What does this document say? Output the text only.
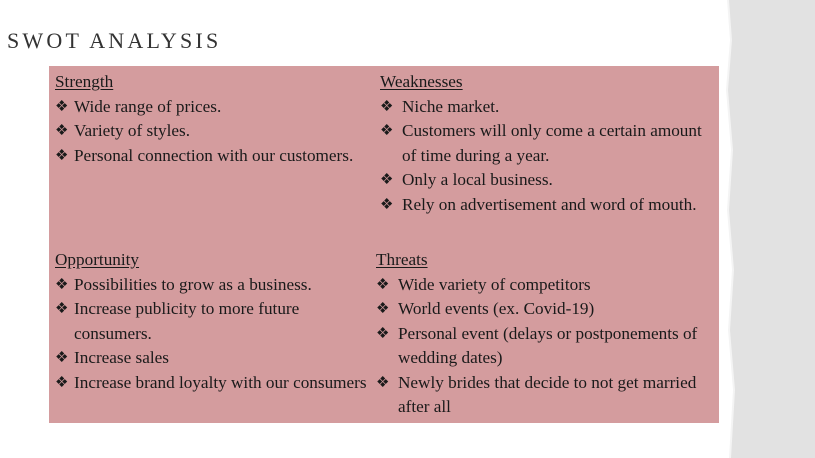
SWOT ANALYSIS
Strength
❖ Wide range of prices.
❖ Variety of styles.
❖ Personal connection with our customers.
Weaknesses
❖ Niche market.
❖ Customers will only come a certain amount of time during a year.
❖ Only a local business.
❖ Rely on advertisement and word of mouth.
Opportunity
❖ Possibilities to grow as a business.
❖ Increase publicity to more future consumers.
❖ Increase sales
❖ Increase brand loyalty with our consumers
Threats
❖ Wide variety of competitors
❖ World events (ex. Covid-19)
❖ Personal event (delays or postponements of wedding dates)
❖ Newly brides that decide to not get married after all
